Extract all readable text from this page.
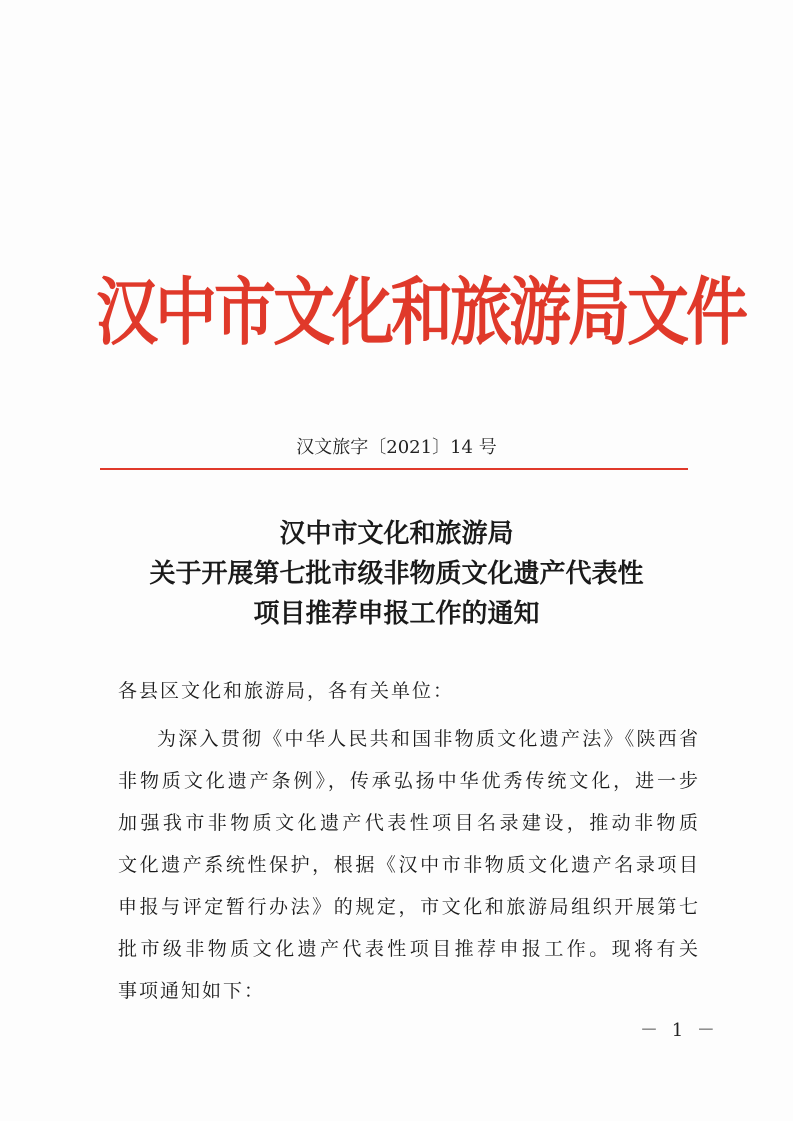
汉中市文化和旅游局文件
汉文旅字〔2021〕14 号
汉中市文化和旅游局
关于开展第七批市级非物质文化遗产代表性
项目推荐申报工作的通知
各县区文化和旅游局，各有关单位：
为深入贯彻《中华人民共和国非物质文化遗产法》《陕西省
非物质文化遗产条例》，传承弘扬中华优秀传统文化，进一步
加强我市非物质文化遗产代表性项目名录建设，推动非物质
文化遗产系统性保护，根据《汉中市非物质文化遗产名录项目
申报与评定暂行办法》的规定，市文化和旅游局组织开展第七
批市级非物质文化遗产代表性项目推荐申报工作。现将有关
事项通知如下：
－ 1 －
